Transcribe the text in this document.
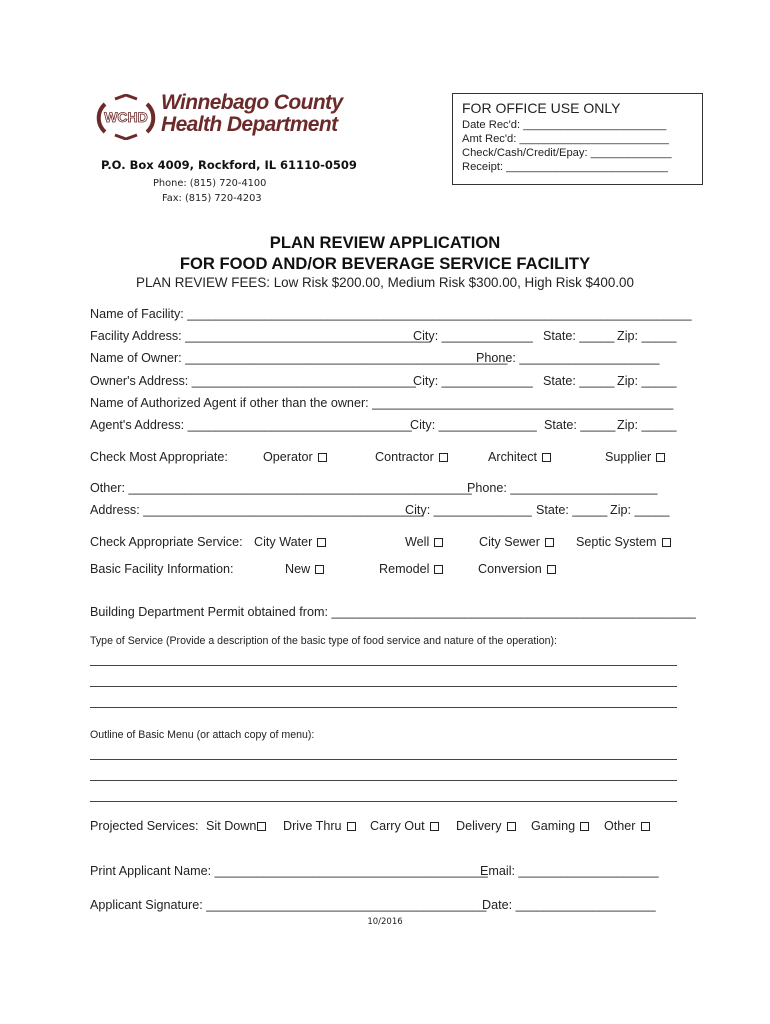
WCHD
Winnebago County
Health Department
P.O. Box 4009, Rockford, IL 61110-0509
Phone: (815) 720-4100
Fax: (815) 720-4203
FOR OFFICE USE ONLY
Date Rec'd: _______________________
Amt Rec'd: ________________________
Check/Cash/Credit/Epay: _____________
Receipt: __________________________
PLAN REVIEW APPLICATION
FOR FOOD AND/OR BEVERAGE SERVICE FACILITY
PLAN REVIEW FEES: Low Risk $200.00, Medium Risk $300.00, High Risk $400.00
Name of Facility: ________________________________________________________________________
Facility Address: ___________________________________
City: _____________ State: _____ Zip: _____
Name of Owner: ______________________________________________
Phone: ____________________
Owner's Address: ________________________________
City: _____________ State: _____ Zip: _____
Name of Authorized Agent if other than the owner: ___________________________________________
Agent's Address: ________________________________
City: ______________ State: _____ Zip: _____
Check Most Appropriate:	Operator	Contractor	Architect	Supplier
Other: _________________________________________________
Phone: _____________________
Address: ________________________________________
City: ______________ State: _____ Zip: _____
Check Appropriate Service: City Water	Well	City Sewer	Septic System
Basic Facility Information:	New	Remodel	Conversion
Building Department Permit obtained from: ____________________________________________________
Type of Service (Provide a description of the basic type of food service and nature of the operation):
Outline of Basic Menu (or attach copy of menu):
Projected Services: Sit Down	Drive Thru	Carry Out	Delivery	Gaming	Other
Print Applicant Name: _______________________________________
Email: ____________________
Applicant Signature: ________________________________________
Date: ____________________
10/2016
